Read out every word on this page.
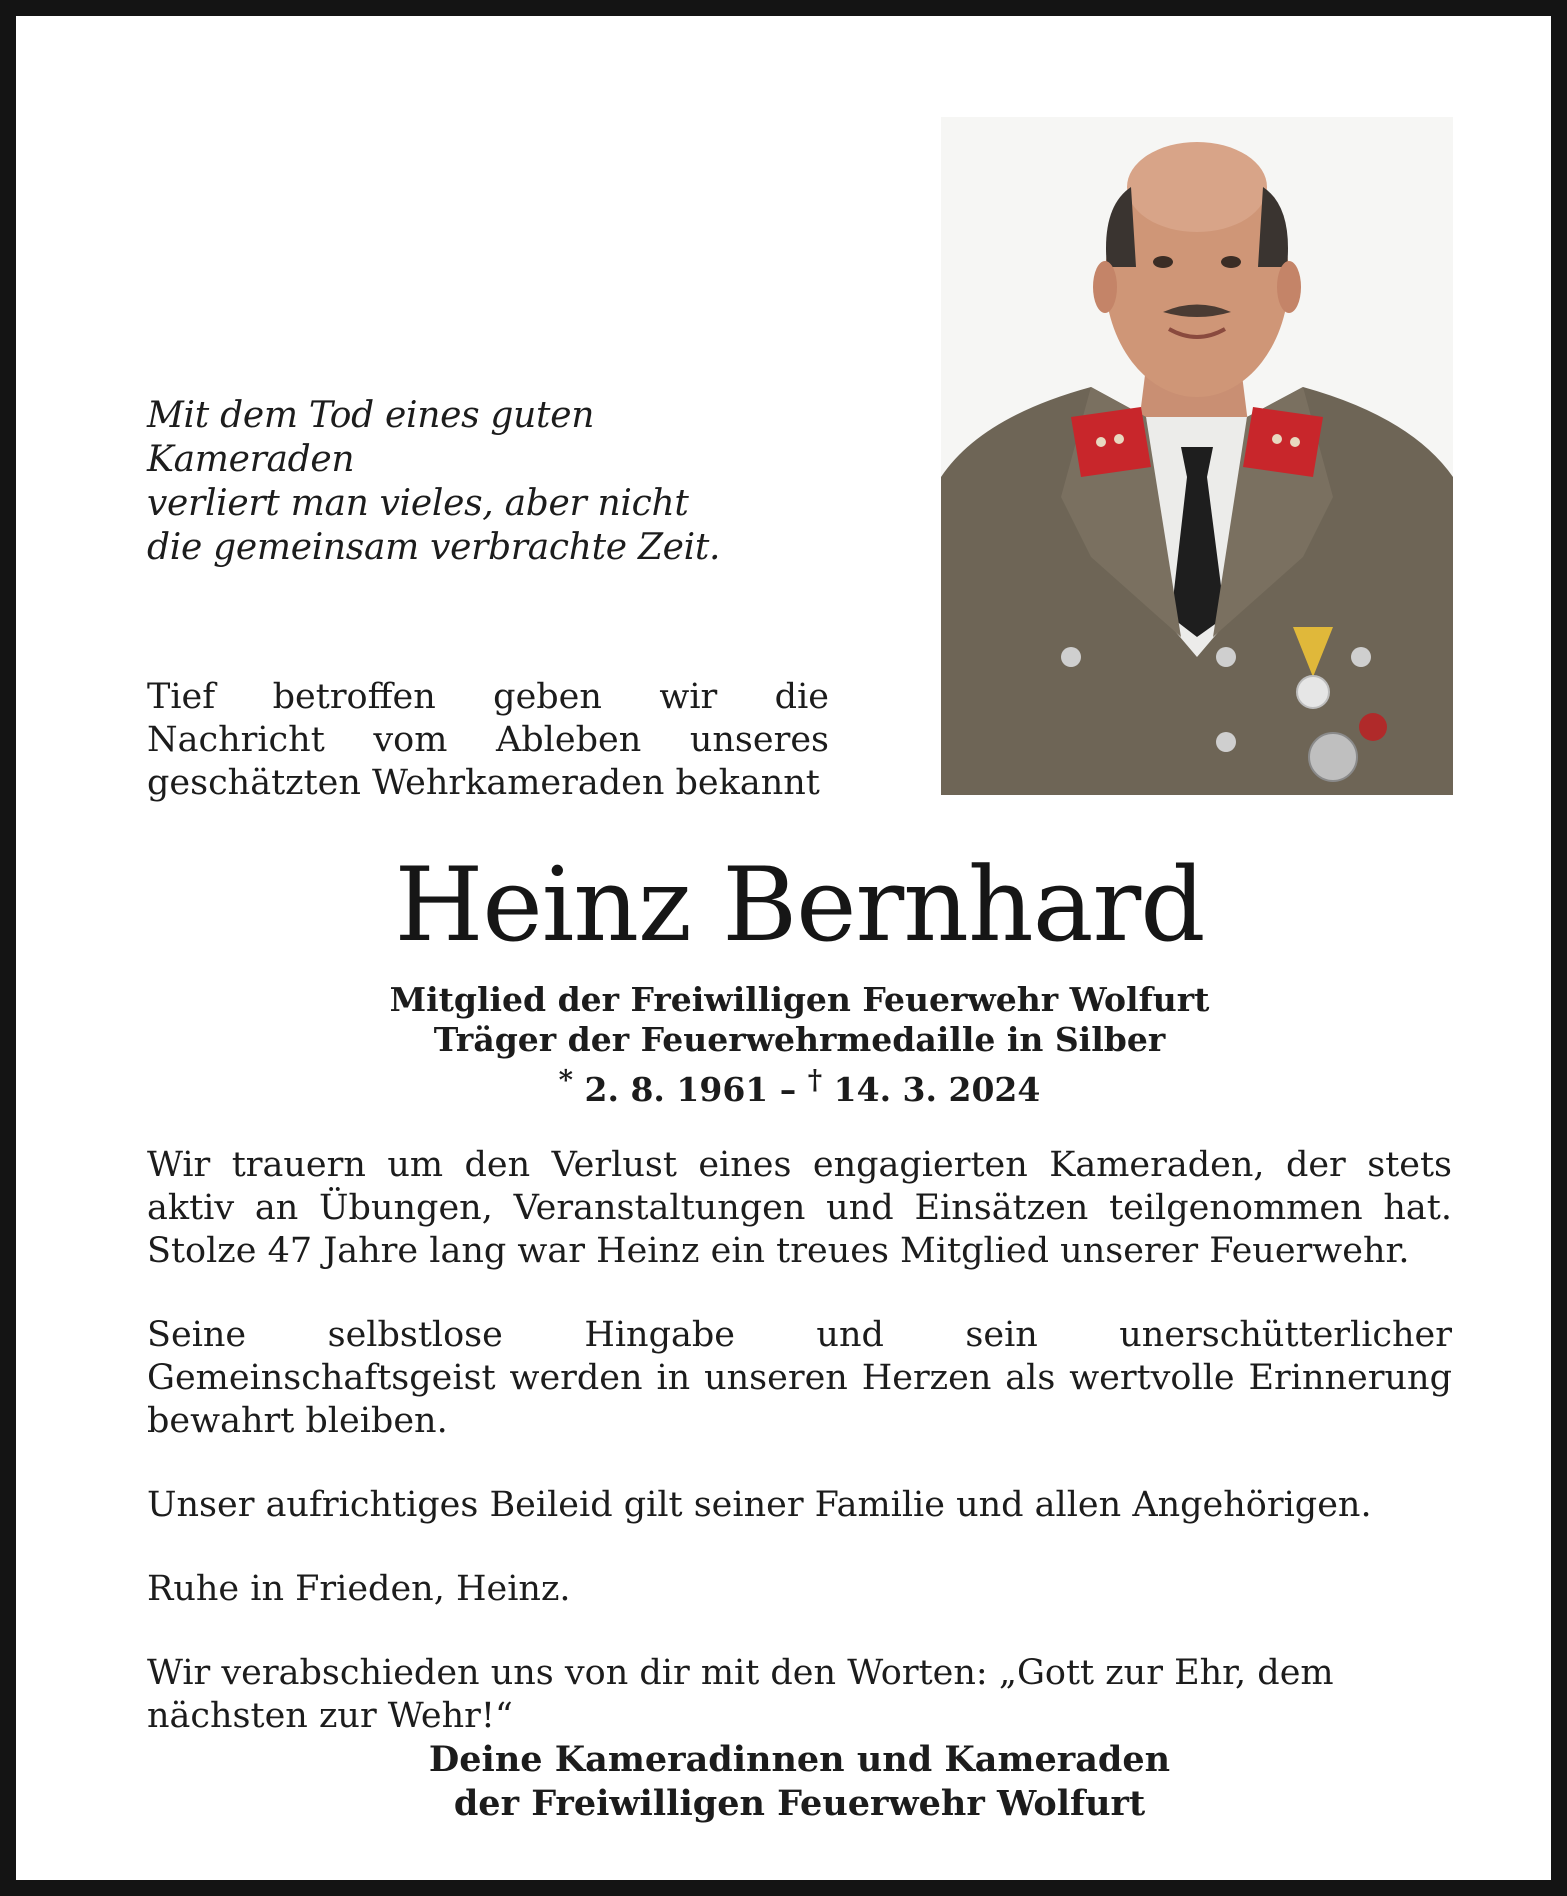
Mit dem Tod eines guten Kameraden
verliert man vieles, aber nicht
die gemeinsam verbrachte Zeit.
Tief betroffen geben wir die Nachricht vom Ableben unseres geschätzten Wehrkameraden bekannt
Heinz Bernhard
Mitglied der Freiwilligen Feuerwehr Wolfurt
Träger der Feuerwehrmedaille in Silber
* 2. 8. 1961 – † 14. 3. 2024

Wir trauern um den Verlust eines engagierten Kameraden, der stets aktiv an Übungen, Veranstaltungen und Einsätzen teilgenommen hat. Stolze 47 Jahre lang war Heinz ein treues Mitglied unserer Feuerwehr.

Seine selbstlose Hingabe und sein unerschütterlicher Gemeinschaftsgeist werden in unseren Herzen als wertvolle Erinnerung bewahrt bleiben.

Unser aufrichtiges Beileid gilt seiner Familie und allen Angehörigen.

Ruhe in Frieden, Heinz.

Wir verabschieden uns von dir mit den Worten: „Gott zur Ehr, dem nächsten zur Wehr!“

Deine Kameradinnen und Kameraden
der Freiwilligen Feuerwehr Wolfurt
